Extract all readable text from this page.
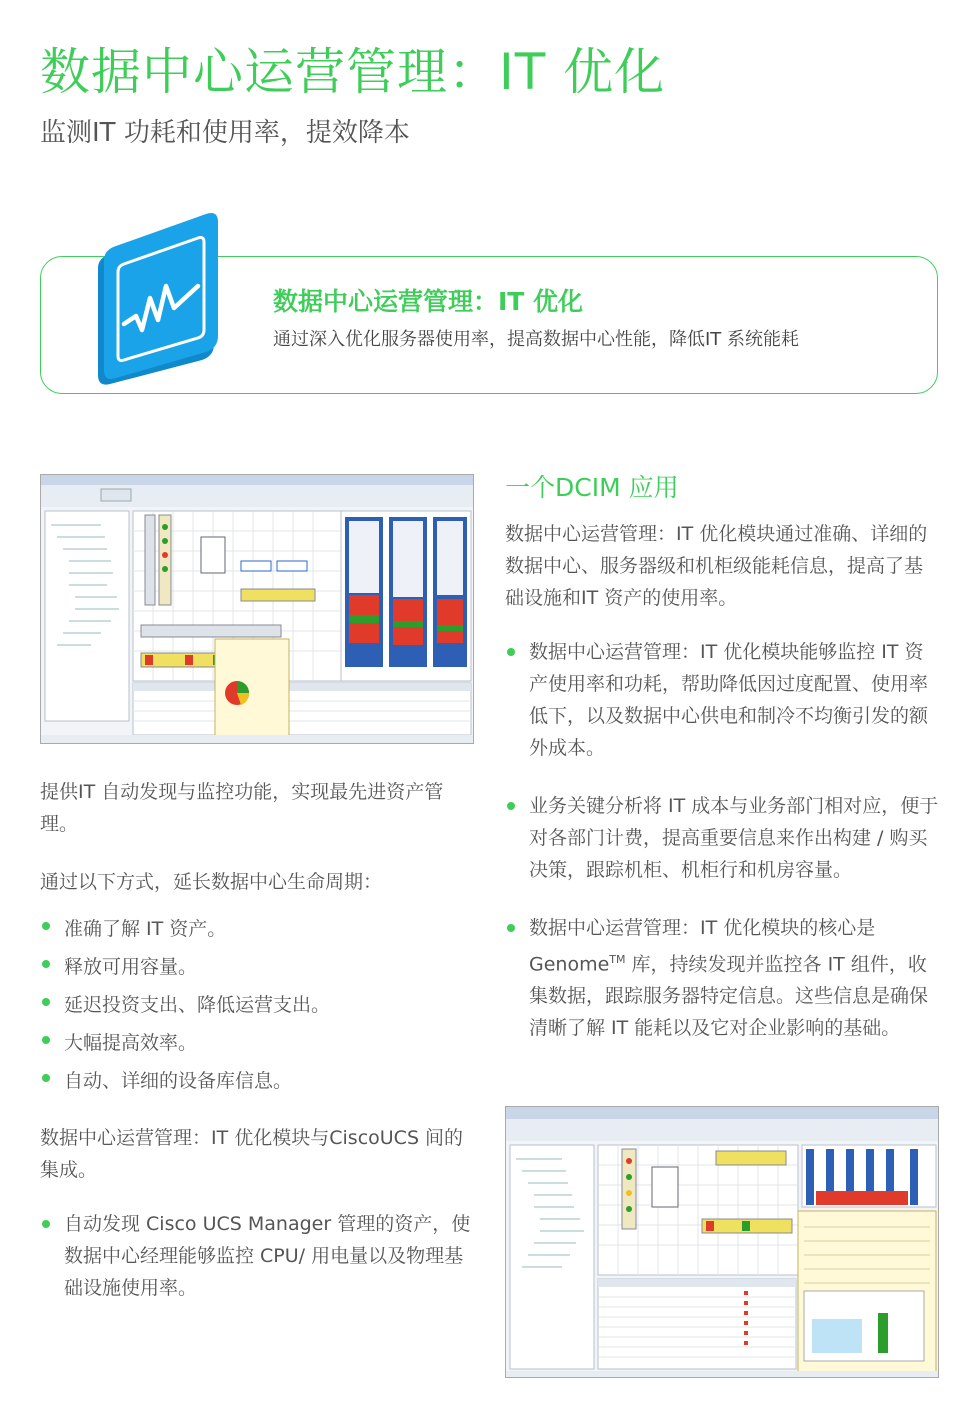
数据中心运营管理：IT 优化

监测IT 功耗和使用率，提效降本

数据中心运营管理：IT 优化
通过深入优化服务器使用率，提高数据中心性能，降低IT 系统能耗

提供IT 自动发现与监控功能，实现最先进资产管理。

通过以下方式，延长数据中心生命周期：

准确了解 IT 资产。
释放可用容量。
延迟投资支出、降低运营支出。
大幅提高效率。
自动、详细的设备库信息。

数据中心运营管理：IT 优化模块与CiscoUCS 间的集成。

自动发现 Cisco UCS Manager 管理的资产，使数据中心经理能够监控 CPU/ 用电量以及物理基础设施使用率。
一个DCIM 应用

数据中心运营管理：IT 优化模块通过准确、详细的数据中心、服务器级和机柜级能耗信息，提高了基础设施和IT 资产的使用率。

数据中心运营管理：IT 优化模块能够监控 IT 资产使用率和功耗，帮助降低因过度配置、使用率低下，以及数据中心供电和制冷不均衡引发的额外成本。
业务关键分析将 IT 成本与业务部门相对应，便于对各部门计费，提高重要信息来作出构建 / 购买决策，跟踪机柜、机柜行和机房容量。
数据中心运营管理：IT 优化模块的核心是 Genome™ 库，持续发现并监控各 IT 组件，收集数据，跟踪服务器特定信息。这些信息是确保清晰了解 IT 能耗以及它对企业影响的基础。
